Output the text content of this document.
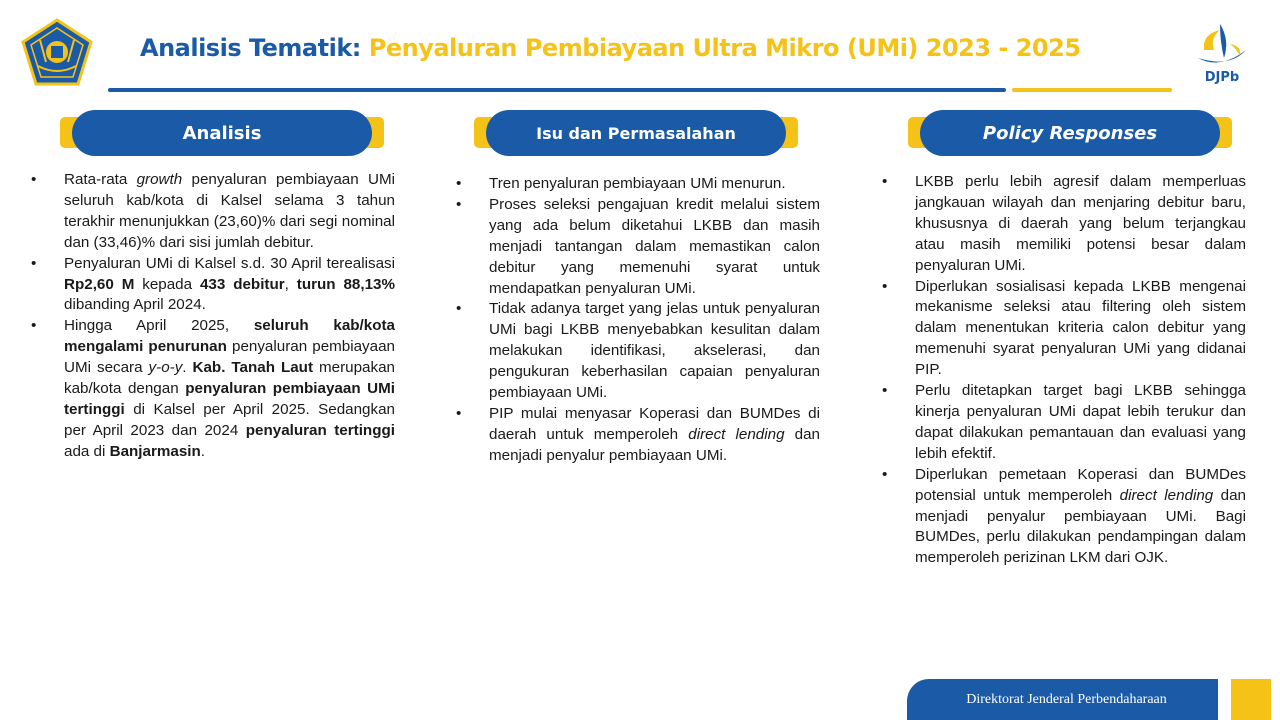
Analisis Tematik: Penyaluran Pembiayaan Ultra Mikro (UMi) 2023 - 2025
DJPb
Analisis	Isu dan Permasalahan	Policy Responses
• Rata-rata growth penyaluran pembiayaan UMi seluruh kab/kota di Kalsel selama 3 tahun terakhir menunjukkan (23,60)% dari segi nominal dan (33,46)% dari sisi jumlah debitur.
• Penyaluran UMi di Kalsel s.d. 30 April terealisasi Rp2,60 M kepada 433 debitur, turun 88,13% dibanding April 2024.
• Hingga April 2025, seluruh kab/kota mengalami penurunan penyaluran pembiayaan UMi secara y-o-y. Kab. Tanah Laut merupakan kab/kota dengan penyaluran pembiayaan UMi tertinggi di Kalsel per April 2025. Sedangkan per April 2023 dan 2024 penyaluran tertinggi ada di Banjarmasin.
• Tren penyaluran pembiayaan UMi menurun.
• Proses seleksi pengajuan kredit melalui sistem yang ada belum diketahui LKBB dan masih menjadi tantangan dalam memastikan calon debitur yang memenuhi syarat untuk mendapatkan penyaluran UMi.
• Tidak adanya target yang jelas untuk penyaluran UMi bagi LKBB menyebabkan kesulitan dalam melakukan identifikasi, akselerasi, dan pengukuran keberhasilan capaian penyaluran pembiayaan UMi.
• PIP mulai menyasar Koperasi dan BUMDes di daerah untuk memperoleh direct lending dan menjadi penyalur pembiayaan UMi.
• LKBB perlu lebih agresif dalam memperluas jangkauan wilayah dan menjaring debitur baru, khususnya di daerah yang belum terjangkau atau masih memiliki potensi besar dalam penyaluran UMi.
• Diperlukan sosialisasi kepada LKBB mengenai mekanisme seleksi atau filtering oleh sistem dalam menentukan kriteria calon debitur yang memenuhi syarat penyaluran UMi yang didanai PIP.
• Perlu ditetapkan target bagi LKBB sehingga kinerja penyaluran UMi dapat lebih terukur dan dapat dilakukan pemantauan dan evaluasi yang lebih efektif.
• Diperlukan pemetaan Koperasi dan BUMDes potensial untuk memperoleh direct lending dan menjadi penyalur pembiayaan UMi. Bagi BUMDes, perlu dilakukan pendampingan dalam memperoleh perizinan LKM dari OJK.
Direktorat Jenderal Perbendaharaan
